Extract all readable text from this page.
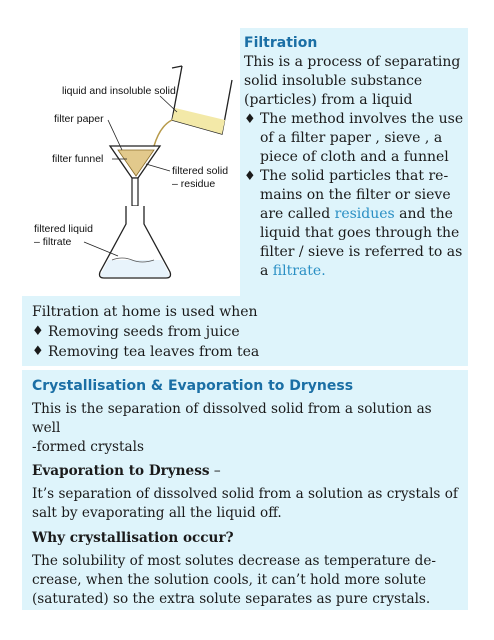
liquid and insoluble solid
filter paper
filter funnel
filtered solid
– residue
filtered liquid
– filtrate
Filtration
This is a process of separating
solid insoluble substance
(particles) from a liquid
♦ The method involves the use
of a filter paper , sieve , a
piece of cloth and a funnel
♦ The solid particles that re-
mains on the filter or sieve
are called residues and the
liquid that goes through the
filter / sieve is referred to as
a filtrate.
Filtration at home is used when
♦ Removing seeds from juice
♦ Removing tea leaves from tea
Crystallisation & Evaporation to Dryness
This is the separation of dissolved solid from a solution as well
-formed crystals
Evaporation to Dryness –
It’s separation of dissolved solid from a solution as crystals of
salt by evaporating all the liquid off.
Why crystallisation occur?
The solubility of most solutes decrease as temperature de-
crease, when the solution cools, it can’t hold more solute
(saturated) so the extra solute separates as pure crystals.
